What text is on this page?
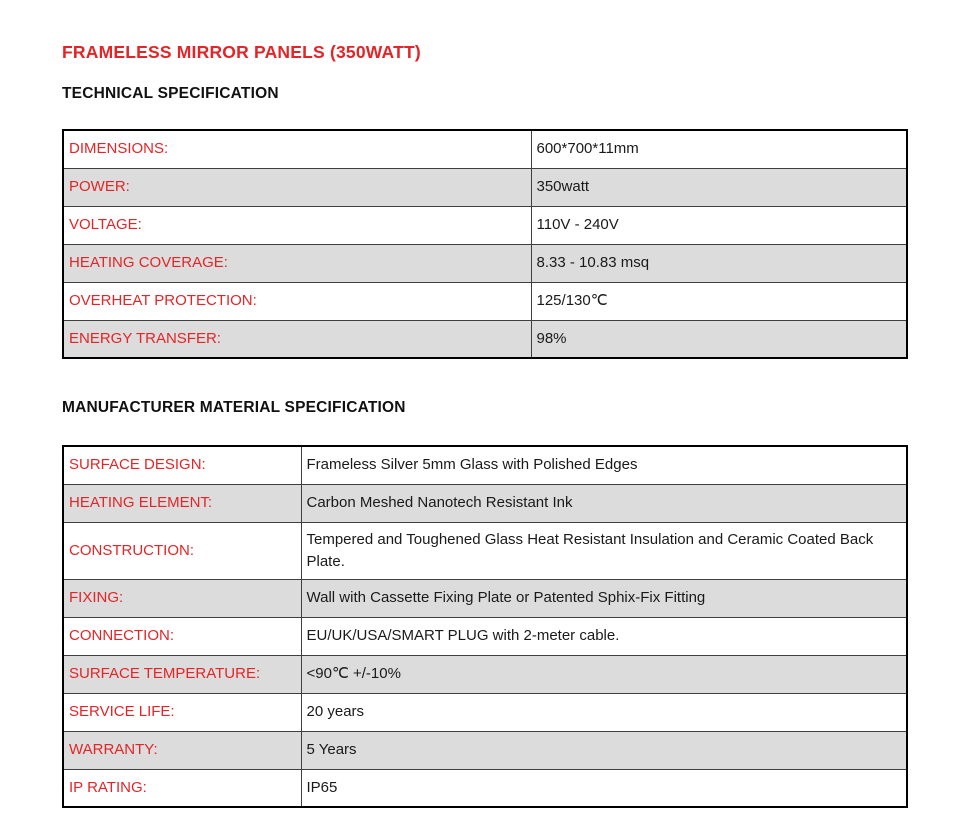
FRAMELESS MIRROR PANELS (350WATT)
TECHNICAL SPECIFICATION
DIMENSIONS:	600*700*11mm
POWER:	350watt
VOLTAGE:	110V - 240V
HEATING COVERAGE:	8.33 - 10.83 msq
OVERHEAT PROTECTION:	125/130℃
ENERGY TRANSFER:	98%
MANUFACTURER MATERIAL SPECIFICATION
SURFACE DESIGN:	Frameless Silver 5mm Glass with Polished Edges
HEATING ELEMENT:	Carbon Meshed Nanotech Resistant Ink
CONSTRUCTION:	Tempered and Toughened Glass Heat Resistant Insulation and Ceramic Coated Back Plate.
FIXING:	Wall with Cassette Fixing Plate or Patented Sphix-Fix Fitting
CONNECTION:	EU/UK/USA/SMART PLUG with 2-meter cable.
SURFACE TEMPERATURE:	<90℃ +/-10%
SERVICE LIFE:	20 years
WARRANTY:	5 Years
IP RATING:	IP65
